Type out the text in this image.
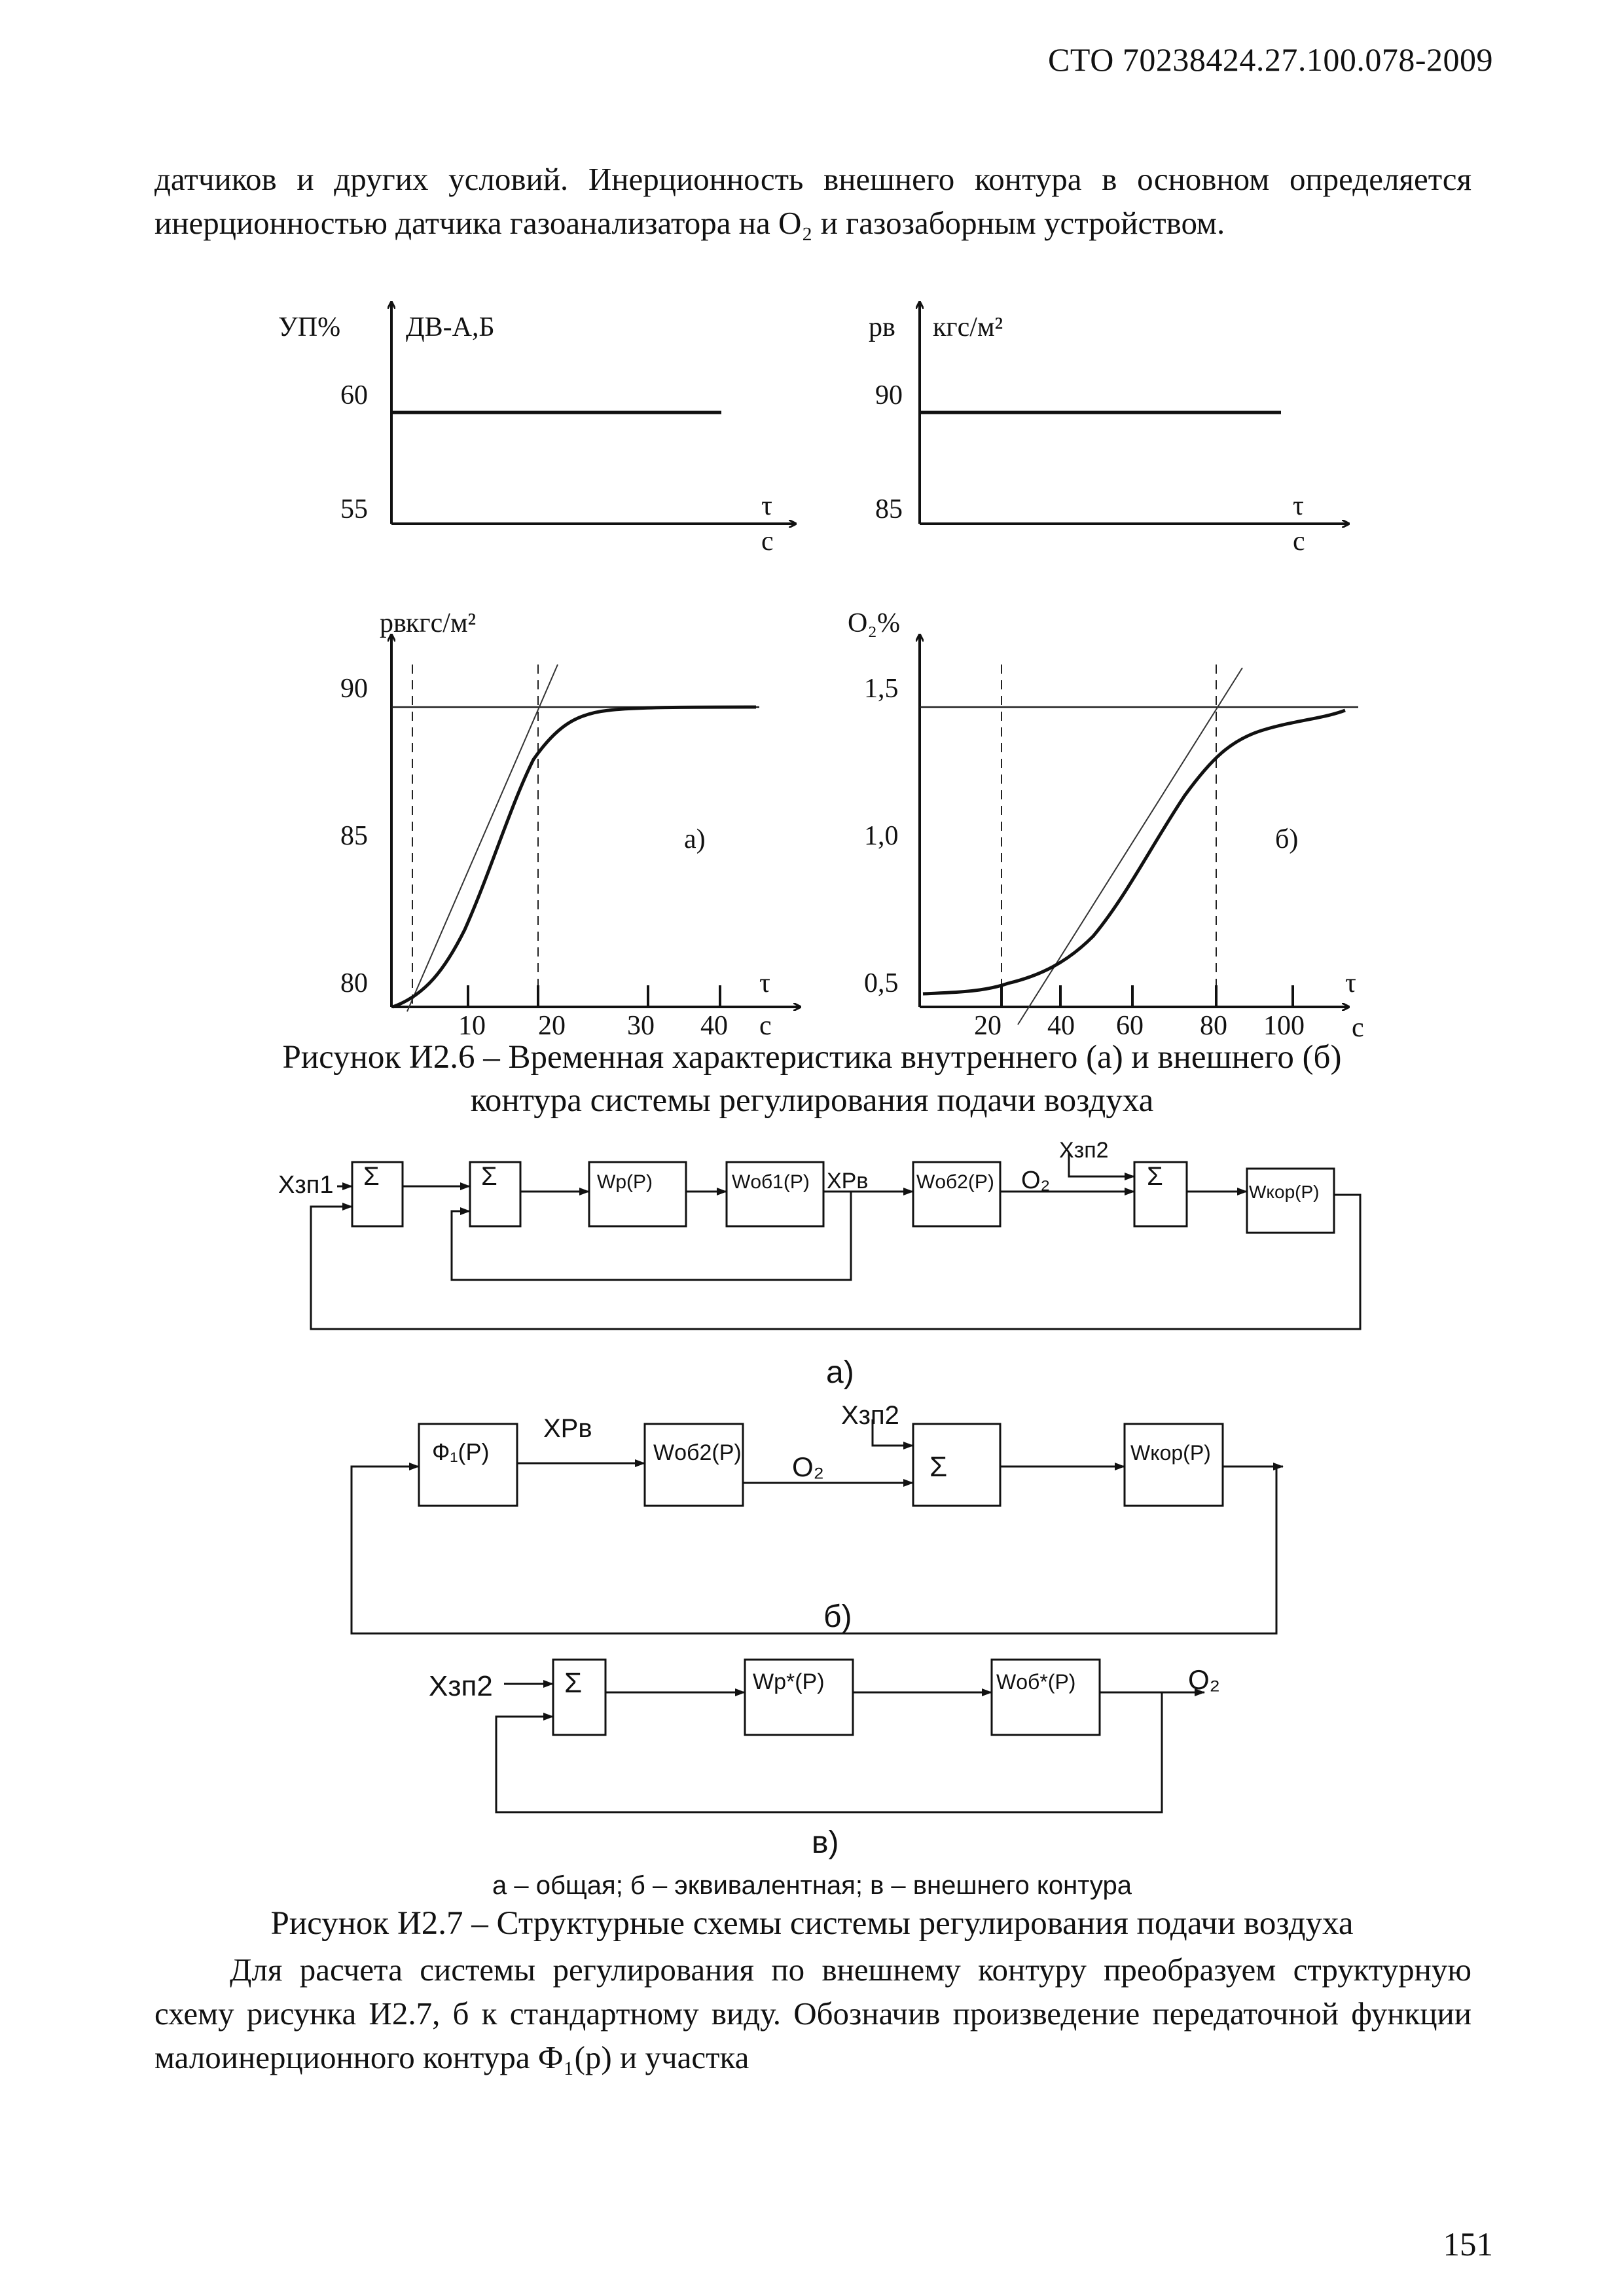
СТО 70238424.27.100.078-2009
датчиков и других условий. Инерционность внешнего контура в основном определяется инерционностью датчика газоанализатора на O₂ и газозаборным устройством.
УП% ДВ-А,Б
60
55	τ
с
pв кгс/м²
90
85	τ
с
pв кгс/м²
90
85
80
10 20 30 40 с
τ
а)
O₂%
1,5
1,0
0,5
20 40 60 80 100 с
τ
б)
Рисунок И2.6 – Временная характеристика внутреннего (а) и внешнего (б)
контура системы регулирования подачи воздуха
Xзп1 Σ	Σ	Wр(P)	Wоб1(P)	Wоб2(P)	Wкор(P)
Σ
XРв	O₂
Xзп2
а)
Ф₁(P)	Wоб2(P)	Wкор(P)
Σ
XРв
O₂
Xзп2
б)
Xзп2 Σ	Wр*(P)	Wоб*(P)	O₂
в)
а – общая; б – эквивалентная; в – внешнего контура
Рисунок И2.7 – Структурные схемы системы регулирования подачи воздуха
Для расчета системы регулирования по внешнему контуру преобразуем структурную схему рисунка И2.7, б к стандартному виду. Обозначив произведение передаточной функции малоинерционного контура Ф₁(p) и участка
151
